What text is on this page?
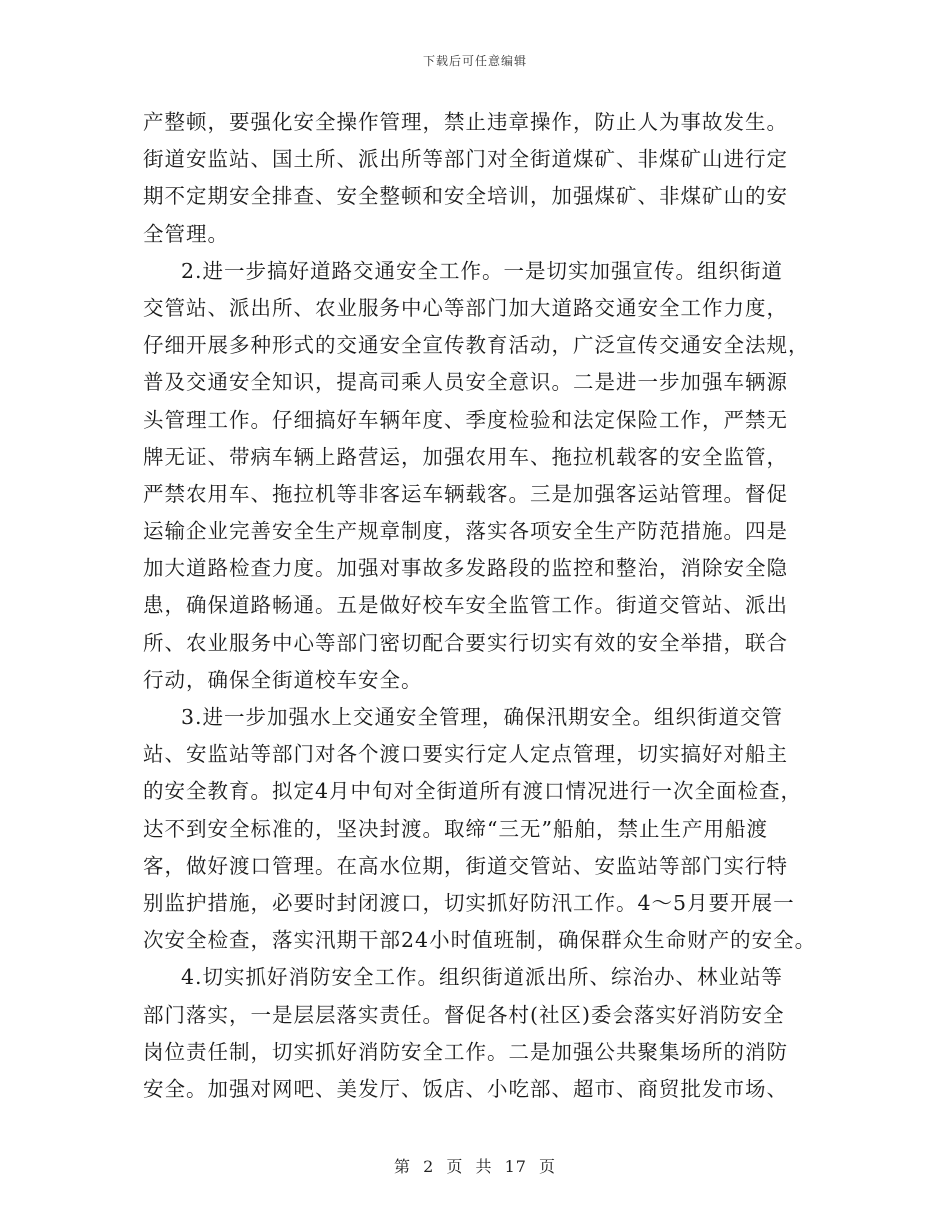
下载后可任意编辑
产整顿，要强化安全操作管理，禁止违章操作，防止人为事故发生。
街道安监站、国土所、派出所等部门对全街道煤矿、非煤矿山进行定
期不定期安全排查、安全整顿和安全培训，加强煤矿、非煤矿山的安
全管理。
2.进一步搞好道路交通安全工作。一是切实加强宣传。组织街道
交管站、派出所、农业服务中心等部门加大道路交通安全工作力度，
仔细开展多种形式的交通安全宣传教育活动，广泛宣传交通安全法规，
普及交通安全知识，提高司乘人员安全意识。二是进一步加强车辆源
头管理工作。仔细搞好车辆年度、季度检验和法定保险工作，严禁无
牌无证、带病车辆上路营运，加强农用车、拖拉机载客的安全监管，
严禁农用车、拖拉机等非客运车辆载客。三是加强客运站管理。督促
运输企业完善安全生产规章制度，落实各项安全生产防范措施。四是
加大道路检查力度。加强对事故多发路段的监控和整治，消除安全隐
患，确保道路畅通。五是做好校车安全监管工作。街道交管站、派出
所、农业服务中心等部门密切配合要实行切实有效的安全举措，联合
行动，确保全街道校车安全。
3.进一步加强水上交通安全管理，确保汛期安全。组织街道交管
站、安监站等部门对各个渡口要实行定人定点管理，切实搞好对船主
的安全教育。拟定4月中旬对全街道所有渡口情况进行一次全面检查，
达不到安全标准的，坚决封渡。取缔“三无”船舶，禁止生产用船渡
客，做好渡口管理。在高水位期，街道交管站、安监站等部门实行特
别监护措施，必要时封闭渡口，切实抓好防汛工作。4～5月要开展一
次安全检查，落实汛期干部24小时值班制，确保群众生命财产的安全。
4.切实抓好消防安全工作。组织街道派出所、综治办、林业站等
部门落实，一是层层落实责任。督促各村(社区)委会落实好消防安全
岗位责任制，切实抓好消防安全工作。二是加强公共聚集场所的消防
安全。加强对网吧、美发厅、饭店、小吃部、超市、商贸批发市场、
第 2 页 共 17 页
